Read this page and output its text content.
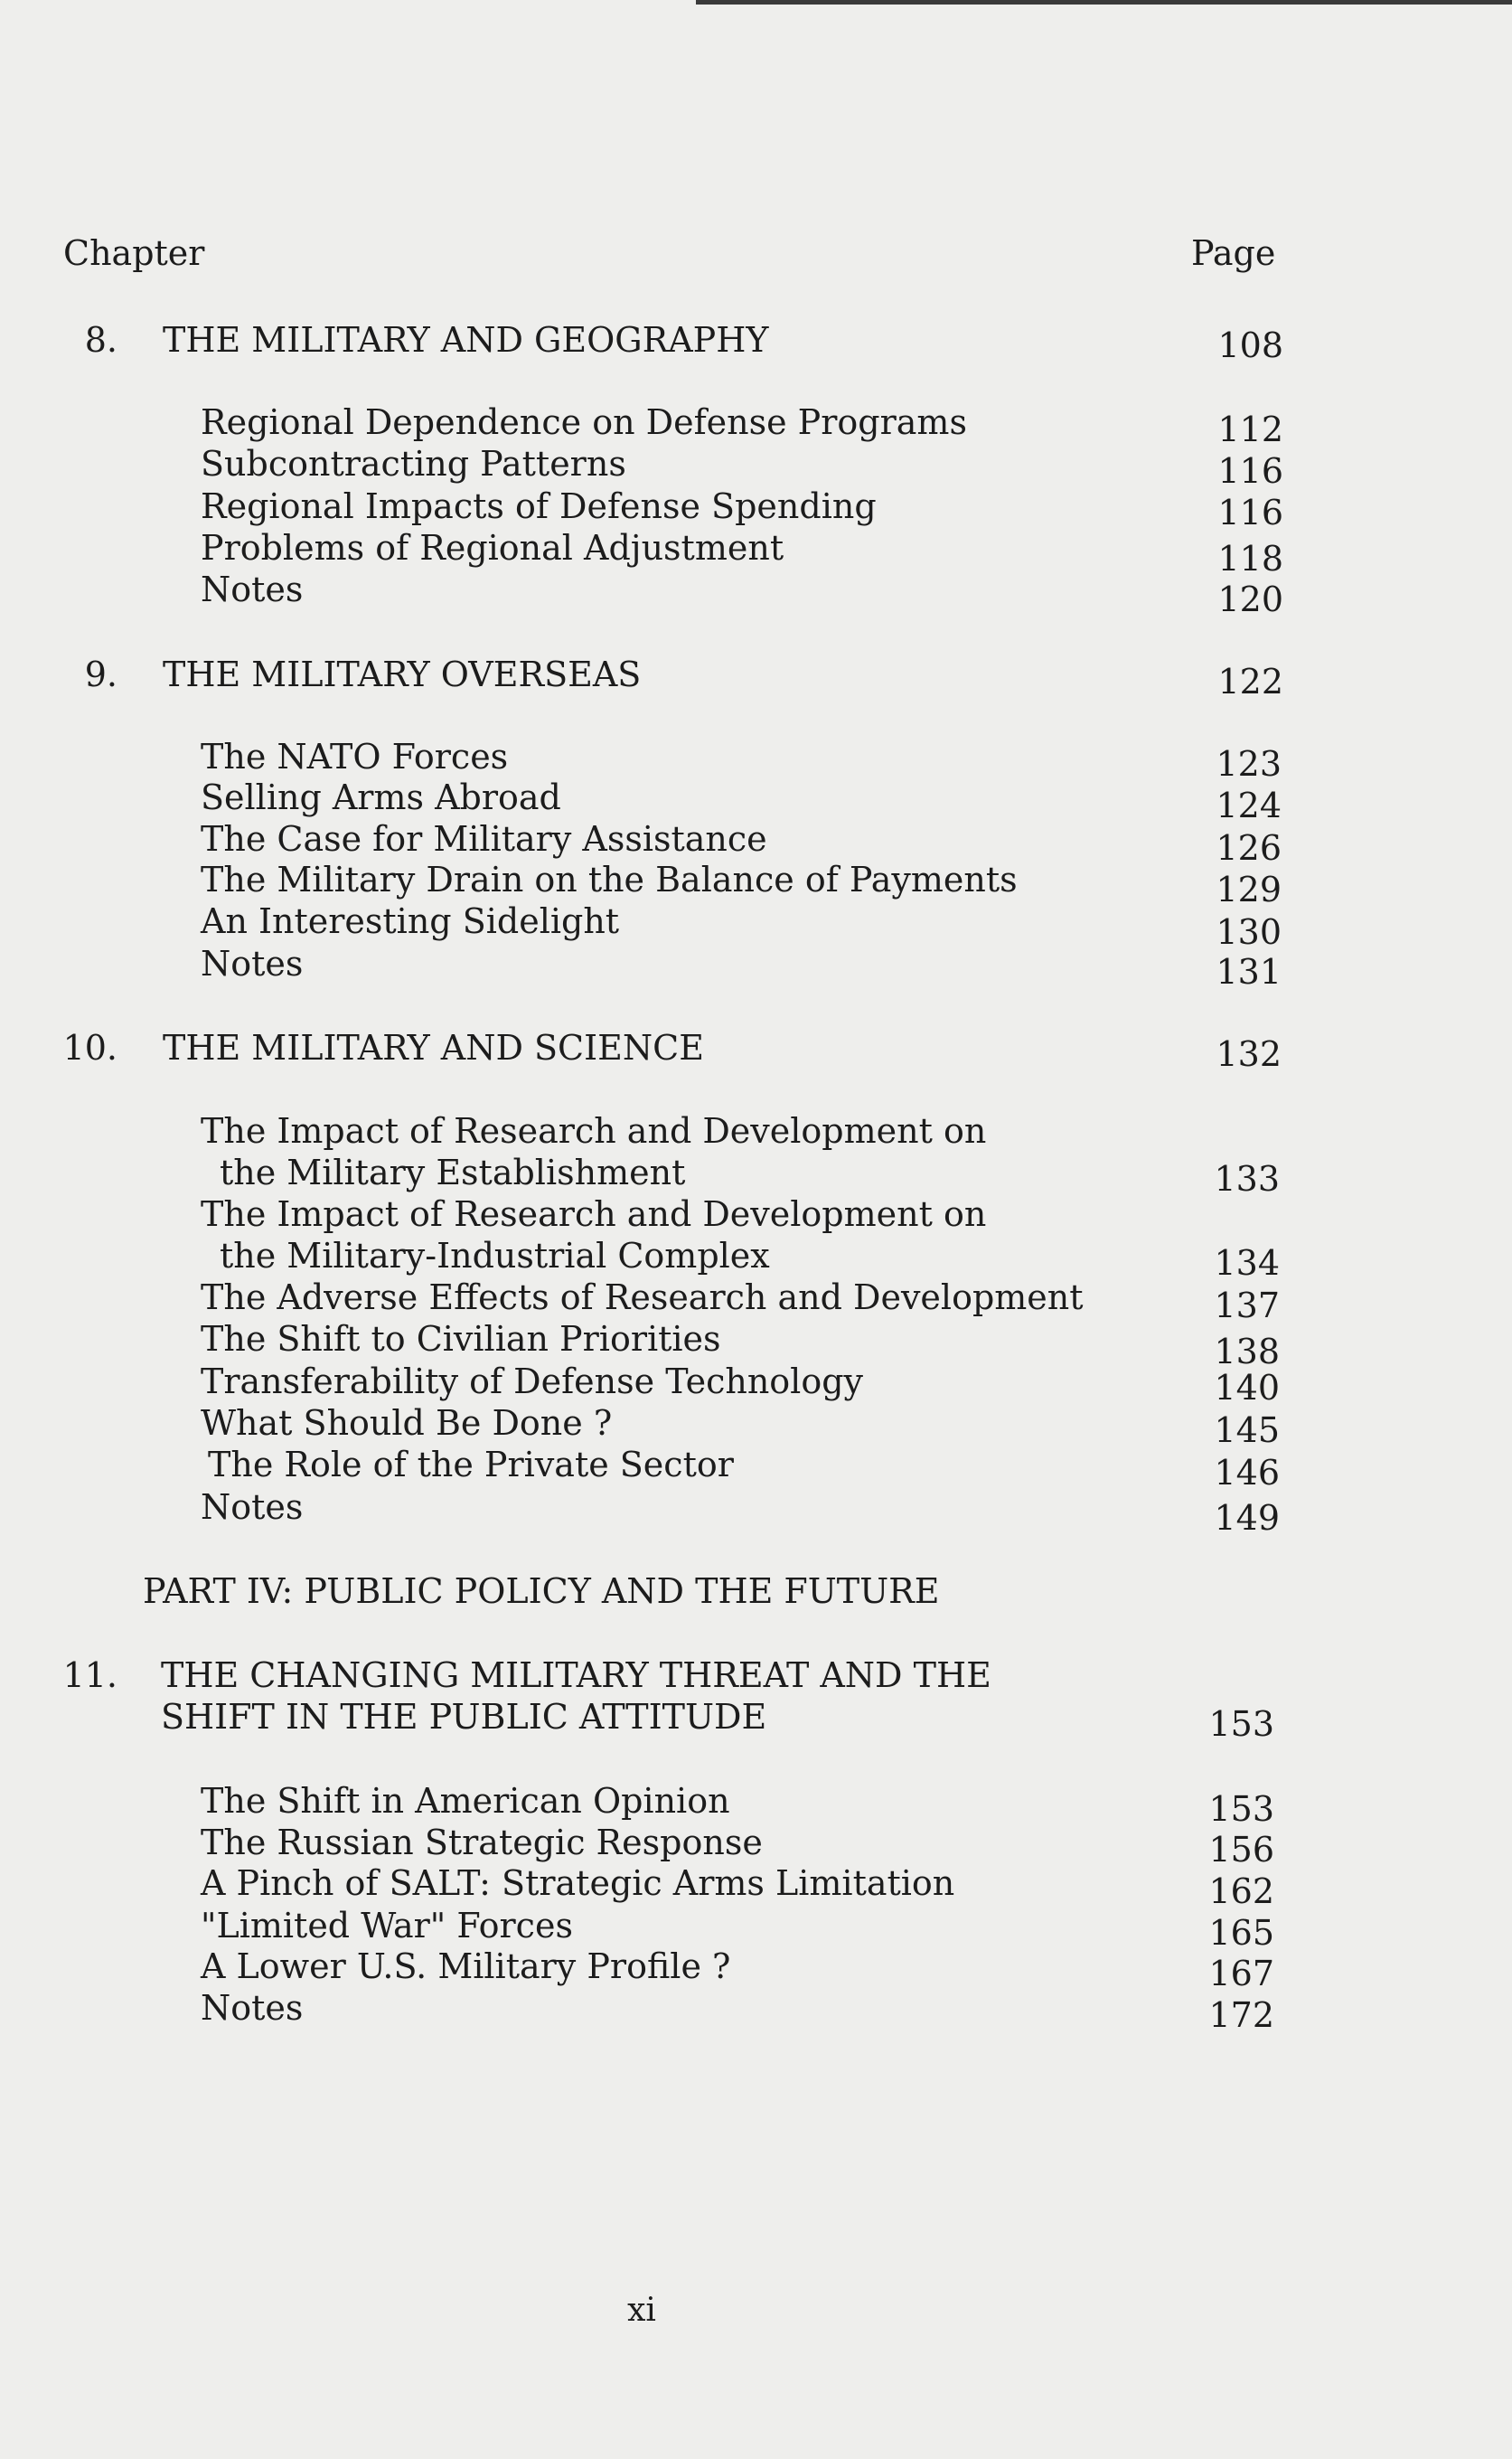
Chapter	Page
8. THE MILITARY AND GEOGRAPHY	108
Regional Dependence on Defense Programs	112
Subcontracting Patterns	116
Regional Impacts of Defense Spending	116
Problems of Regional Adjustment	118
Notes	120
9. THE MILITARY OVERSEAS	122
The NATO Forces	123
Selling Arms Abroad	124
The Case for Military Assistance	126
The Military Drain on the Balance of Payments	129
An Interesting Sidelight	130
Notes	131
10. THE MILITARY AND SCIENCE	132
The Impact of Research and Development on
the Military Establishment	133
The Impact of Research and Development on
the Military-Industrial Complex	134
The Adverse Effects of Research and Development	137
The Shift to Civilian Priorities	138
Transferability of Defense Technology	140
What Should Be Done ?	145
The Role of the Private Sector	146
Notes	149
PART IV: PUBLIC POLICY AND THE FUTURE
11. THE CHANGING MILITARY THREAT AND THE
SHIFT IN THE PUBLIC ATTITUDE	153
The Shift in American Opinion	153
The Russian Strategic Response	156
A Pinch of SALT: Strategic Arms Limitation	162
"Limited War" Forces	165
A Lower U.S. Military Profile ?	167
Notes	172
xi
